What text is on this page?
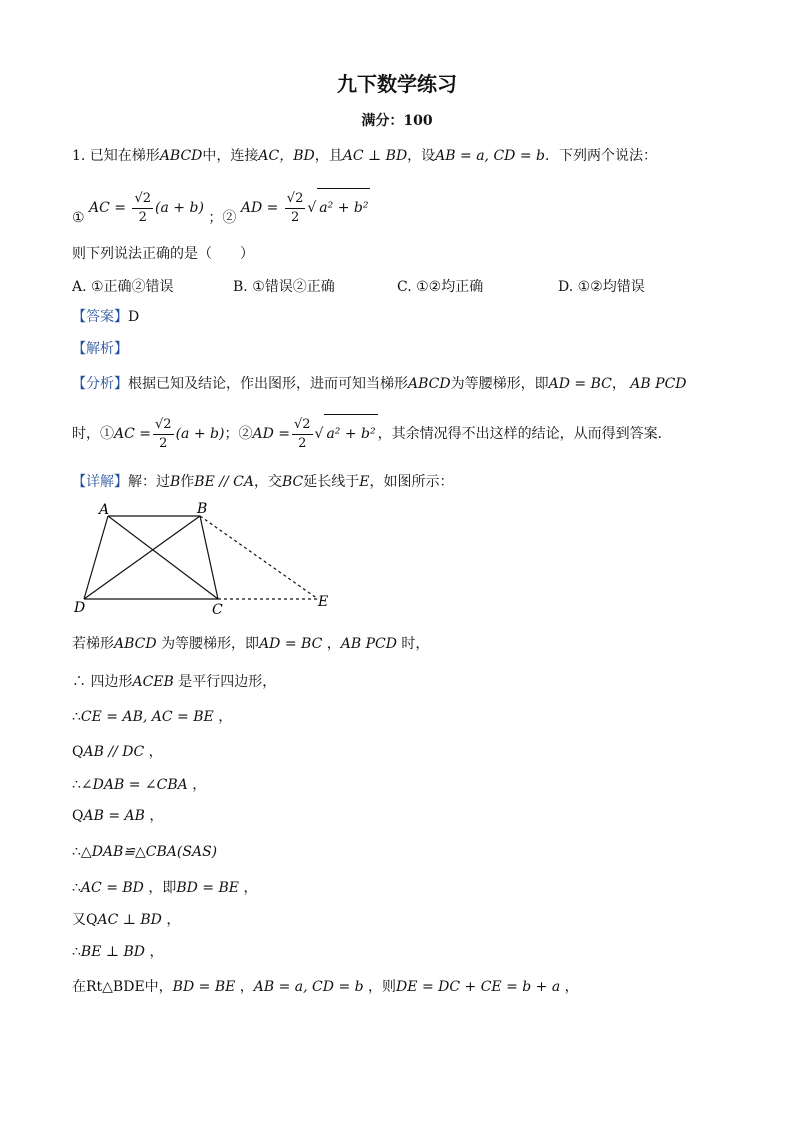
九下数学练习
满分：100
1. 已知在梯形ABCD中，连接AC，BD，且AC ⊥ BD，设AB = a, CD = b．下列两个说法：
① AC = $\frac{√2}{2} (a + b)$ ；② AD = $\frac{√2}{2}$ √ a² + b²
则下列说法正确的是（　　）
A. ①正确②错误	B. ①错误②正确	C. ①②均正确	D. ①②均错误
【答案】D
【解析】
【分析】根据已知及结论，作出图形，进而可知当梯形ABCD为等腰梯形，即AD = BC， AB PCD
时，①AC = $\frac{√2}{2} (a + b)$；②AD = $\frac{√2}{2}$ √ a² + b² ，其余情况得不出这样的结论，从而得到答案．
【详解】解：过B作BE // CA，交BC延长线于E，如图所示：
A	B
C
D	E
若梯形ABCD 为等腰梯形，即AD = BC ，AB PCD 时，
∴ 四边形ACEB 是平行四边形，
∴CE = AB, AC = BE ，
QAB // DC ，
∴∠DAB = ∠CBA ，
QAB = AB ，
∴△DAB≌△CBA(SAS)
∴AC = BD ，即BD = BE ，
又QAC ⊥ BD ，
∴BE ⊥ BD ，
在Rt△BDE中，BD = BE ，AB = a, CD = b ，则DE = DC + CE = b + a ，
